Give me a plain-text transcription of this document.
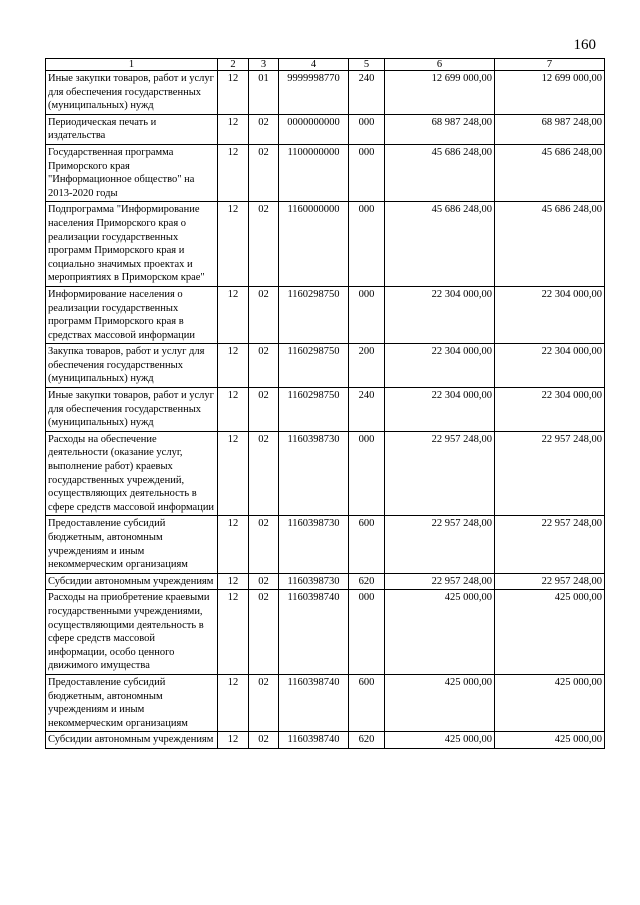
160
1	2	3	4	5	6	7
Иные закупки товаров, работ и услуг для обеспечения государственных (муниципальных) нужд	12	01	9999998770	240	12 699 000,00	12 699 000,00
Периодическая печать и издательства	12	02	0000000000	000	68 987 248,00	68 987 248,00
Государственная программа Приморского края "Информационное общество" на 2013-2020 годы	12	02	1100000000	000	45 686 248,00	45 686 248,00
Подпрограмма "Информирование населения Приморского края о реализации государственных программ Приморского края и социально значимых проектах и мероприятиях в Приморском крае"	12	02	1160000000	000	45 686 248,00	45 686 248,00
Информирование населения о реализации государственных программ Приморского края в средствах массовой информации	12	02	1160298750	000	22 304 000,00	22 304 000,00
Закупка товаров, работ и услуг для обеспечения государственных (муниципальных) нужд	12	02	1160298750	200	22 304 000,00	22 304 000,00
Иные закупки товаров, работ и услуг для обеспечения государственных (муниципальных) нужд	12	02	1160298750	240	22 304 000,00	22 304 000,00
Расходы на обеспечение деятельности (оказание услуг, выполнение работ) краевых государственных учреждений, осуществляющих деятельность в сфере средств массовой информации	12	02	1160398730	000	22 957 248,00	22 957 248,00
Предоставление субсидий бюджетным, автономным учреждениям и иным некоммерческим организациям	12	02	1160398730	600	22 957 248,00	22 957 248,00
Субсидии автономным учреждениям	12	02	1160398730	620	22 957 248,00	22 957 248,00
Расходы на приобретение краевыми государственными учреждениями, осуществляющими деятельность в сфере средств массовой информации, особо ценного движимого имущества	12	02	1160398740	000	425 000,00	425 000,00
Предоставление субсидий бюджетным, автономным учреждениям и иным некоммерческим организациям	12	02	1160398740	600	425 000,00	425 000,00
Субсидии автономным учреждениям	12	02	1160398740	620	425 000,00	425 000,00
